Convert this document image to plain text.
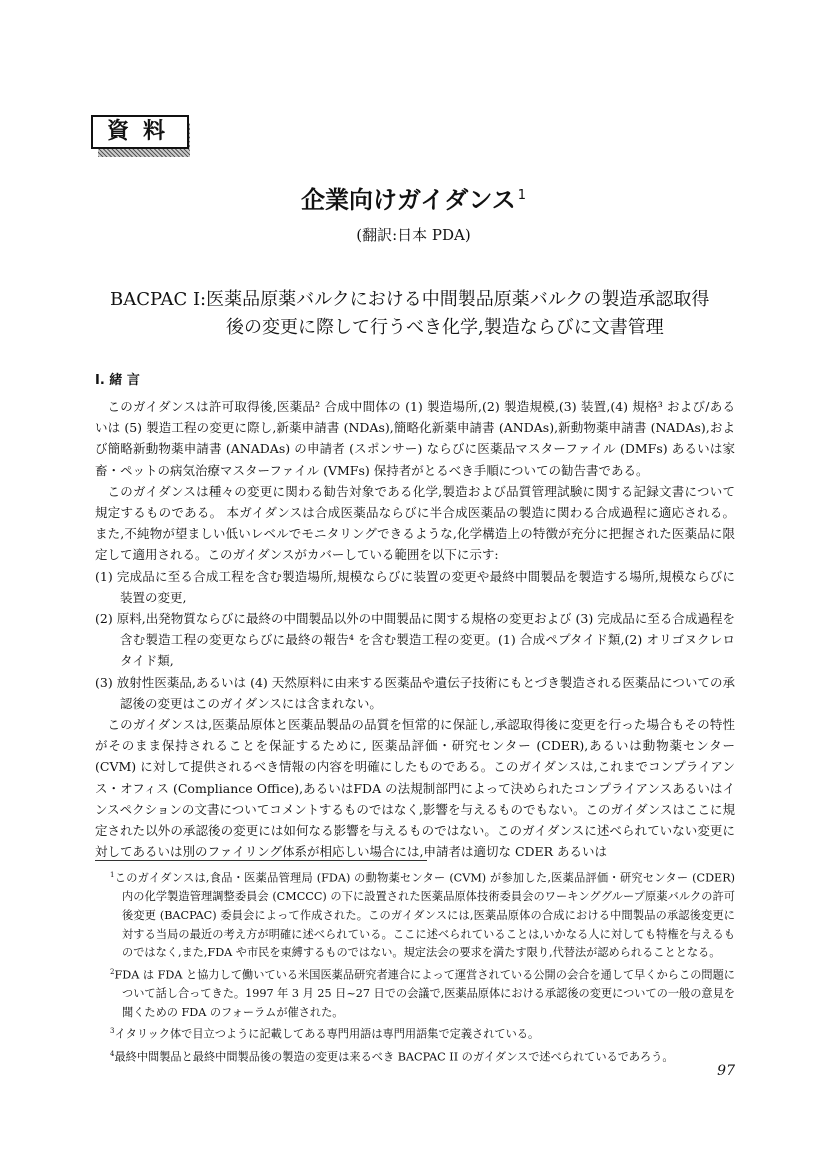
資料
企業向けガイダンス $^1$
(翻訳:日本 PDA)
BACPAC I:医薬品原薬バルクにおける中間製品原薬バルクの製造承認取得
後の変更に際して行うべき化学,製造ならびに文書管理
I. 緒 言

このガイダンスは許可取得後,医薬品² 合成中間体の (1) 製造場所,(2) 製造規模,(3) 装置,(4) 規格³ および/あるいは (5) 製造工程の変更に際し,新薬申請書 (NDAs),簡略化新薬申請書 (ANDAs),新動物薬申請書 (NADAs),および簡略新動物薬申請書 (ANADAs) の申請者 (スポンサー) ならびに医薬品マスターファイル (DMFs) あるいは家畜・ペットの病気治療マスターファイル (VMFs) 保持者がとるべき手順についての勧告書である。

このガイダンスは種々の変更に関わる勧告対象である化学,製造および品質管理試験に関する記録文書について規定するものである。 本ガイダンスは合成医薬品ならびに半合成医薬品の製造に関わる合成過程に適応される。また,不純物が望ましい低いレベルでモニタリングできるような,化学構造上の特徴が充分に把握された医薬品に限定して適用される。このガイダンスがカバーしている範囲を以下に示す:

(1) 完成品に至る合成工程を含む製造場所,規模ならびに装置の変更や最終中間製品を製造する場所,規模ならびに装置の変更,
(2) 原料,出発物質ならびに最終の中間製品以外の中間製品に関する規格の変更および (3) 完成品に至る合成過程を含む製造工程の変更ならびに最終の報告⁴ を含む製造工程の変更。(1) 合成ペプタイド類,(2) オリゴヌクレロタイド類,
(3) 放射性医薬品,あるいは (4) 天然原料に由来する医薬品や遺伝子技術にもとづき製造される医薬品についての承認後の変更はこのガイダンスには含まれない。

このガイダンスは,医薬品原体と医薬品製品の品質を恒常的に保証し,承認取得後に変更を行った場合もその特性がそのまま保持されることを保証するために, 医薬品評価・研究センター (CDER),あるいは動物薬センター (CVM) に対して提供されるべき情報の内容を明確にしたものである。このガイダンスは,これまでコンプライアンス・オフィス (Compliance Office),あるいはFDA の法規制部門によって決められたコンプライアンスあるいはインスペクションの文書についてコメントするものではなく,影響を与えるものでもない。このガイダンスはここに規定された以外の承認後の変更には如何なる影響を与えるものではない。このガイダンスに述べられていない変更に対してあるいは別のファイリング体系が相応しい場合には,申請者は適切な CDER あるいは

$^1$このガイダンスは,食品・医薬品管理局 (FDA) の動物薬センター (CVM) が参加した,医薬品評価・研究センター (CDER) 内の化学製造管理調整委員会 (CMCCC) の下に設置された医薬品原体技術委員会のワーキンググループ原薬バルクの許可後変更 (BACPAC) 委員会によって作成された。このガイダンスには,医薬品原体の合成における中間製品の承認後変更に対する当局の最近の考え方が明確に述べられている。ここに述べられていることは,いかなる人に対しても特権を与えるものではなく,また,FDA や市民を束縛するものではない。規定法会の要求を満たす限り,代替法が認められることとなる。
$^2$FDA は FDA と協力して働いている米国医薬品研究者連合によって運営されている公開の会合を通して早くからこの問題について話し合ってきた。1997 年 3 月 25 日~27 日での会議で,医薬品原体における承認後の変更についての一般の意見を聞くための FDA のフォーラムが催された。
$^3$イタリック体で目立つように記載してある専門用語は専門用語集で定義されている。
$^4$最終中間製品と最終中間製品後の製造の変更は来るべき BACPAC II のガイダンスで述べられているであろう。
97
